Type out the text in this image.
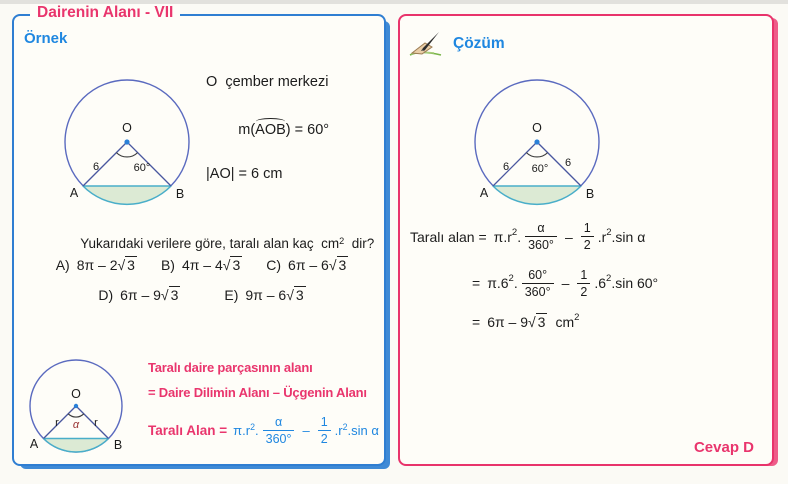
Dairenin Alanı - VII
Örnek
O
6	60°
A	B
O  çember merkezi

m(AOB) = 60°

|AO| = 6 cm

Yukarıdaki verilere göre, taralı alan kaç  $cm^2$  dir?

A) 8π – 2√ 3 B) 4π – 4√ 3 C) 6π – 6√ 3
D) 6π – 9√ 3	E) 9π – 6√ 3
O
r	r
α
A	B
Taralı daire parçasının alanı
= Daire Dilimin Alanı – Üçgenin Alanı
Taralı Alan = π.r 2 . $\frac{\alpha}{360^\circ} - \frac{1}{2} .r$ 2 .sin α
Çözüm
O
6 60° 6
A	B
Taralı alan = π.r 2 . $\frac{\alpha}{360^\circ} - \frac{1}{2} .r$ 2 .sin α
= π.6 2 . $\frac{60^\circ}{360^\circ} - \frac{1}{2} .6$ 2 .sin 60°
= 6π – 9√ 3 cm 2
Cevap D
